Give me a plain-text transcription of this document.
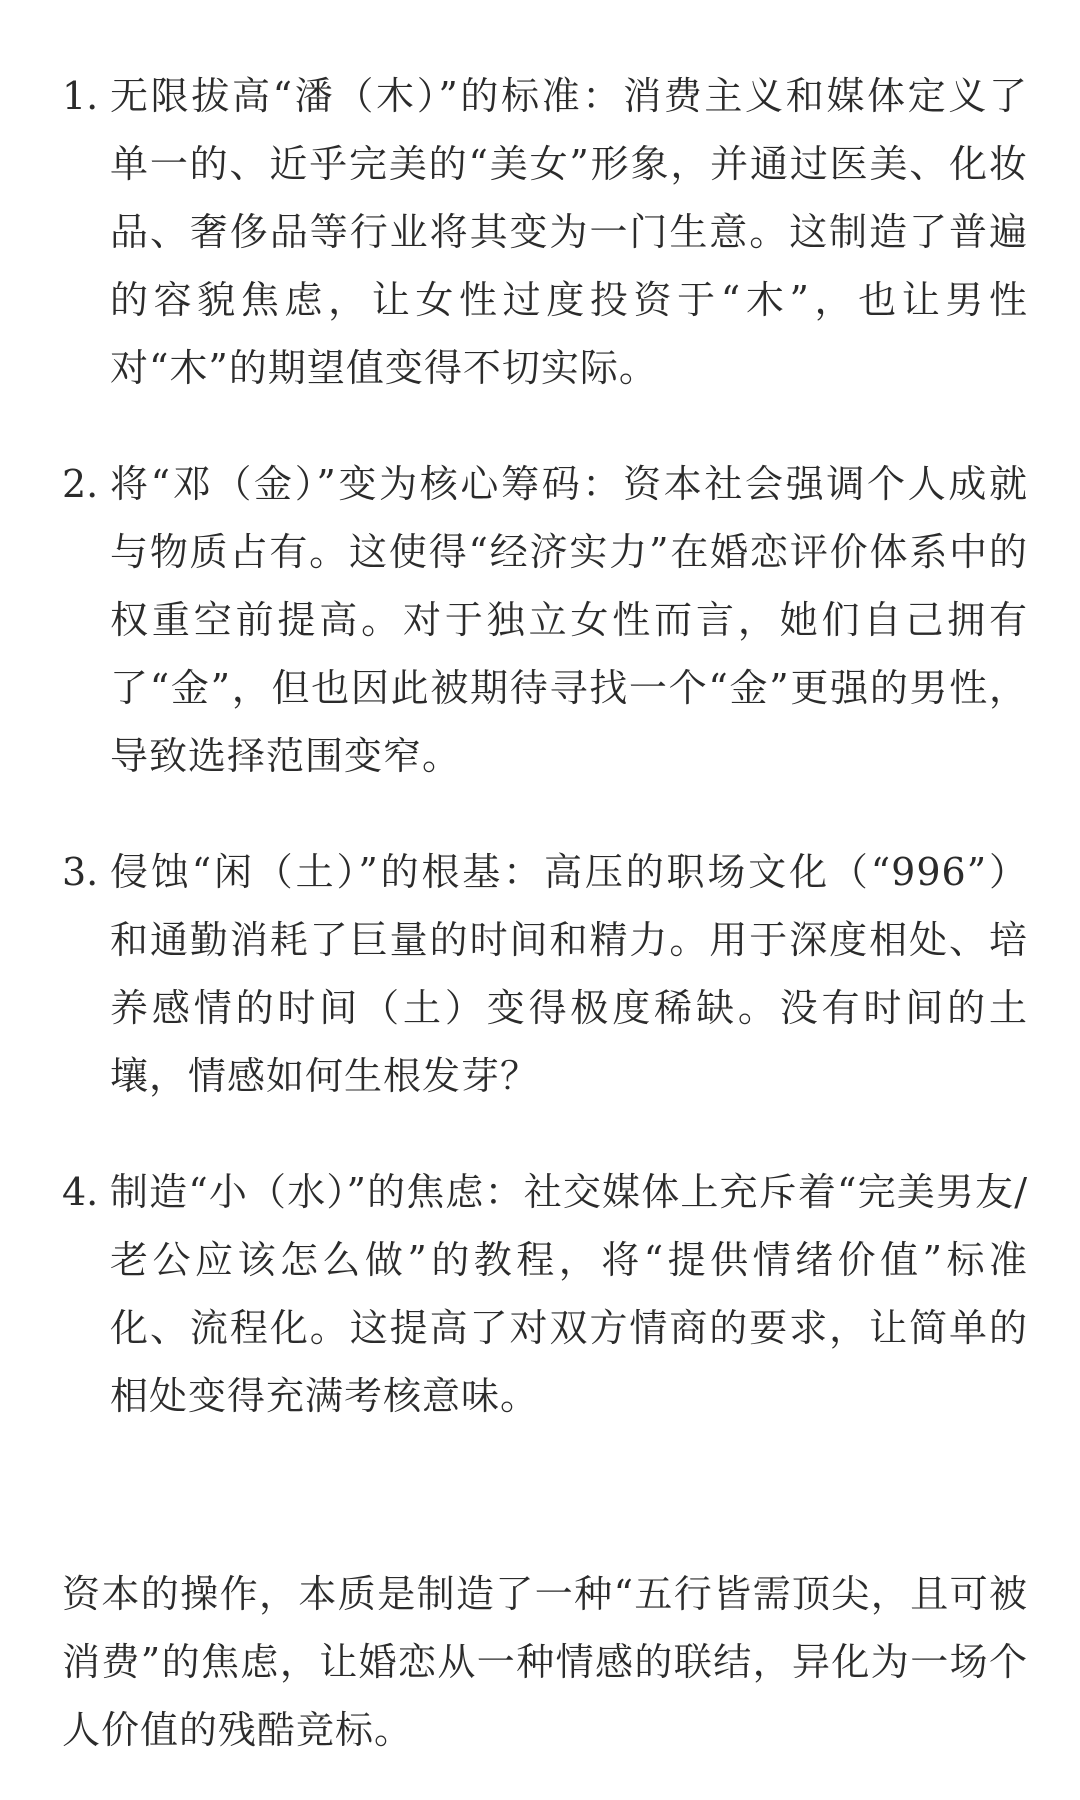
1. 无限拔高“潘（木）”的标准：消费主义和媒体定义了单一的、近乎完美的“美女”形象，并通过医美、化妆品、奢侈品等行业将其变为一门生意。这制造了普遍的容貌焦虑，让女性过度投资于“木”，也让男性对“木”的期望值变得不切实际。
2. 将“邓（金）”变为核心筹码：资本社会强调个人成就与物质占有。这使得“经济实力”在婚恋评价体系中的权重空前提高。对于独立女性而言，她们自己拥有了“金”，但也因此被期待寻找一个“金”更强的男性，导致选择范围变窄。
3. 侵蚀“闲（土）”的根基：高压的职场文化（“996”）和通勤消耗了巨量的时间和精力。用于深度相处、培养感情的时间（土）变得极度稀缺。没有时间的土壤，情感如何生根发芽？
4. 制造“小（水）”的焦虑：社交媒体上充斥着“完美男友/老公应该怎么做”的教程，将“提供情绪价值”标准化、流程化。这提高了对双方情商的要求，让简单的相处变得充满考核意味。

资本的操作，本质是制造了一种“五行皆需顶尖，且可被消费”的焦虑，让婚恋从一种情感的联结，异化为一场个人价值的残酷竞标。
